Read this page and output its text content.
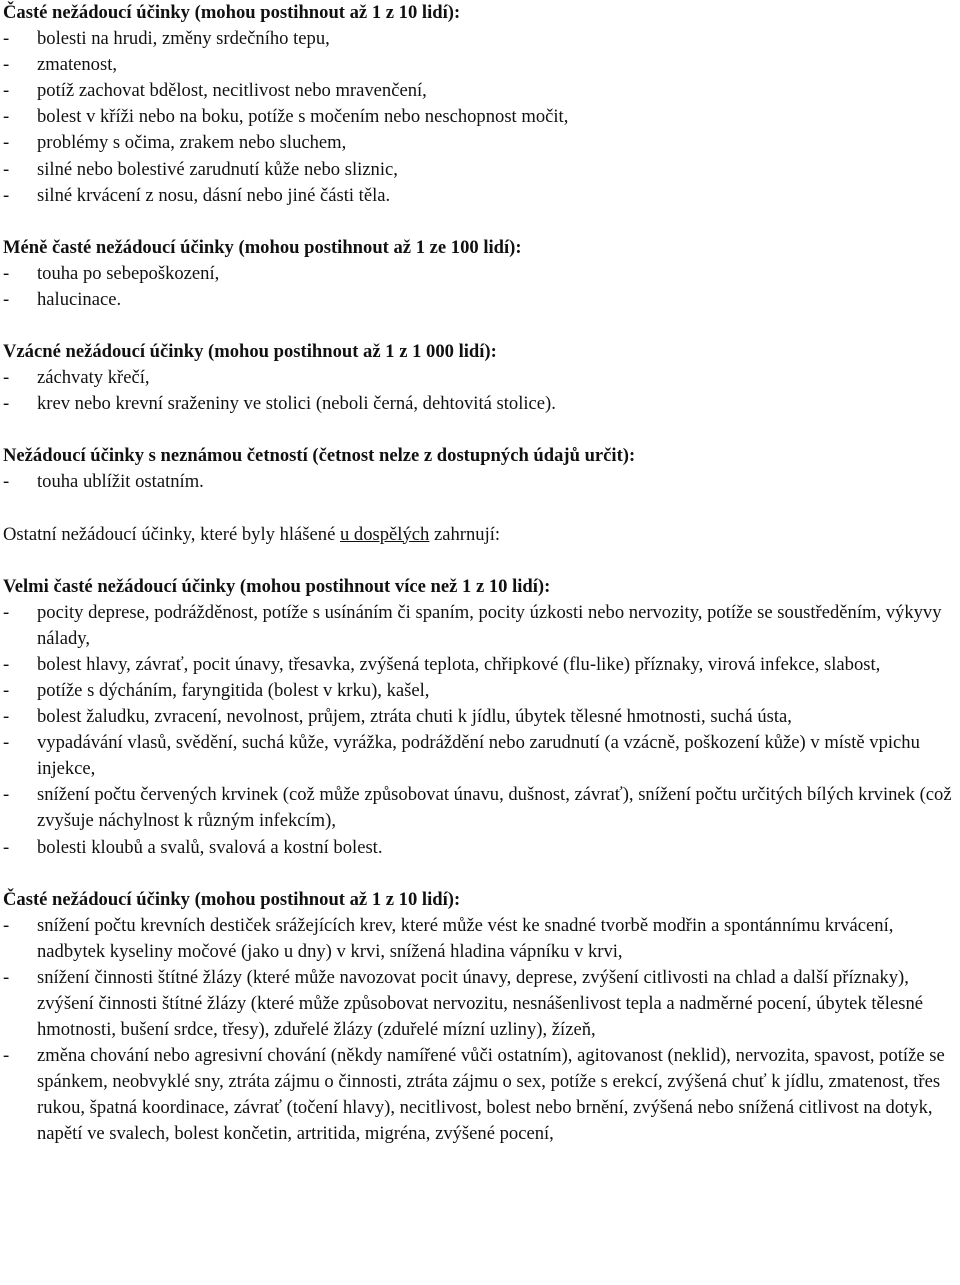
Časté nežádoucí účinky (mohou postihnout až 1 z 10 lidí):

-	bolesti na hrudi, změny srdečního tepu,
-	zmatenost,
-	potíž zachovat bdělost, necitlivost nebo mravenčení,
-	bolest v kříži nebo na boku, potíže s močením nebo neschopnost močit,
-	problémy s očima, zrakem nebo sluchem,
-	silné nebo bolestivé zarudnutí kůže nebo sliznic,
-	silné krvácení z nosu, dásní nebo jiné části těla.

Méně časté nežádoucí účinky (mohou postihnout až 1 ze 100 lidí):

-	touha po sebepoškození,
-	halucinace.

Vzácné nežádoucí účinky (mohou postihnout až 1 z 1 000 lidí):

-	záchvaty křečí,
-	krev nebo krevní sraženiny ve stolici (neboli černá, dehtovitá stolice).

Nežádoucí účinky s neznámou četností (četnost nelze z dostupných údajů určit):

-	touha ublížit ostatním.

Ostatní nežádoucí účinky, které byly hlášené u dospělých zahrnují:

Velmi časté nežádoucí účinky (mohou postihnout více než 1 z 10 lidí):

-	pocity deprese, podrážděnost, potíže s usínáním či spaním, pocity úzkosti nebo nervozity, potíže se soustředěním, výkyvy nálady,
-	bolest hlavy, závrať, pocit únavy, třesavka, zvýšená teplota, chřipkové (flu-like) příznaky, virová infekce, slabost,
-	potíže s dýcháním, faryngitida (bolest v krku), kašel,
-	bolest žaludku, zvracení, nevolnost, průjem, ztráta chuti k jídlu, úbytek tělesné hmotnosti, suchá ústa,
-	vypadávání vlasů, svědění, suchá kůže, vyrážka, podráždění nebo zarudnutí (a vzácně, poškození kůže) v místě vpichu injekce,
-	snížení počtu červených krvinek (což může způsobovat únavu, dušnost, závrať), snížení počtu určitých bílých krvinek (což zvyšuje náchylnost k různým infekcím),
-	bolesti kloubů a svalů, svalová a kostní bolest.

Časté nežádoucí účinky (mohou postihnout až 1 z 10 lidí):

-	snížení počtu krevních destiček srážejících krev, které může vést ke snadné tvorbě modřin a spontánnímu krvácení, nadbytek kyseliny močové (jako u dny) v krvi, snížená hladina vápníku v krvi,
-	snížení činnosti štítné žlázy (které může navozovat pocit únavy, deprese, zvýšení citlivosti na chlad a další příznaky), zvýšení činnosti štítné žlázy (které může způsobovat nervozitu, nesnášenlivost tepla a nadměrné pocení, úbytek tělesné hmotnosti, bušení srdce, třesy), zduřelé žlázy (zduřelé mízní uzliny), žízeň,
-	změna chování nebo agresivní chování (někdy namířené vůči ostatním), agitovanost (neklid), nervozita, spavost, potíže se spánkem, neobvyklé sny, ztráta zájmu o činnosti, ztráta zájmu o sex, potíže s erekcí, zvýšená chuť k jídlu, zmatenost, třes rukou, špatná koordinace, závrať (točení hlavy), necitlivost, bolest nebo brnění, zvýšená nebo snížená citlivost na dotyk, napětí ve svalech, bolest končetin, artritida, migréna, zvýšené pocení,
